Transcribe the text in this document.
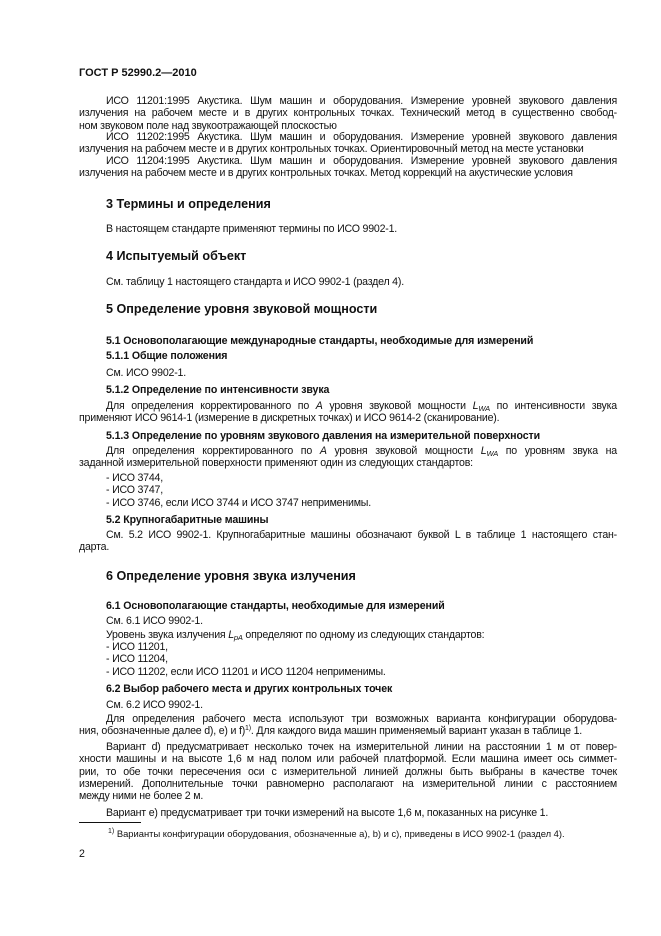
ГОСТ Р 52990.2—2010
ИСО 11201:1995 Акустика. Шум машин и оборудования. Измерение уровней звукового давления
излучения на рабочем месте и в других контрольных точках. Технический метод в существенно свобод-
ном звуковом поле над звукоотражающей плоскостью
ИСО 11202:1995 Акустика. Шум машин и оборудования. Измерение уровней звукового давления
излучения на рабочем месте и в других контрольных точках. Ориентировочный метод на месте установки
ИСО 11204:1995 Акустика. Шум машин и оборудования. Измерение уровней звукового давления
излучения на рабочем месте и в других контрольных точках. Метод коррекций на акустические условия
3 Термины и определения
В настоящем стандарте применяют термины по ИСО 9902-1.
4 Испытуемый объект
См. таблицу 1 настоящего стандарта и ИСО 9902-1 (раздел 4).
5 Определение уровня звуковой мощности
5.1 Основополагающие международные стандарты, необходимые для измерений
5.1.1 Общие положения
См. ИСО 9902-1.
5.1.2 Определение по интенсивности звука
Для определения корректированного по A уровня звуковой мощности $L_{WA}$ по интенсивности звука
применяют ИСО 9614-1 (измерение в дискретных точках) и ИСО 9614-2 (сканирование).
5.1.3 Определение по уровням звукового давления на измерительной поверхности
Для определения корректированного по A уровня звуковой мощности $L_{WA}$ по уровням звука на
заданной измерительной поверхности применяют один из следующих стандартов:
- ИСО 3744,
- ИСО 3747,
- ИСО 3746, если ИСО 3744 и ИСО 3747 неприменимы.
5.2 Крупногабаритные машины
См. 5.2 ИСО 9902-1. Крупногабаритные машины обозначают буквой L в таблице 1 настоящего стан-
дарта.
6 Определение уровня звука излучения
6.1 Основополагающие стандарты, необходимые для измерений
См. 6.1 ИСО 9902-1.
Уровень звука излучения $L_{pA}$ определяют по одному из следующих стандартов:
- ИСО 11201,
- ИСО 11204,
- ИСО 11202, если ИСО 11201 и ИСО 11204 неприменимы.
6.2 Выбор рабочего места и других контрольных точек
См. 6.2 ИСО 9902-1.
Для определения рабочего места используют три возможных варианта конфигурации оборудова-
ния, обозначенные далее d), e) и f)$^{1)}$. Для каждого вида машин применяемый вариант указан в таблице 1.
Вариант d) предусматривает несколько точек на измерительной линии на расстоянии 1 м от повер-
хности машины и на высоте 1,6 м над полом или рабочей платформой. Если машина имеет ось симмет-
рии, то обе точки пересечения оси с измерительной линией должны быть выбраны в качестве точек
измерений. Дополнительные точки равномерно располагают на измерительной линии с расстоянием
между ними не более 2 м.
Вариант e) предусматривает три точки измерений на высоте 1,6 м, показанных на рисунке 1.
$^{1)}$ Варианты конфигурации оборудования, обозначенные a), b) и c), приведены в ИСО 9902-1 (раздел 4).
2
